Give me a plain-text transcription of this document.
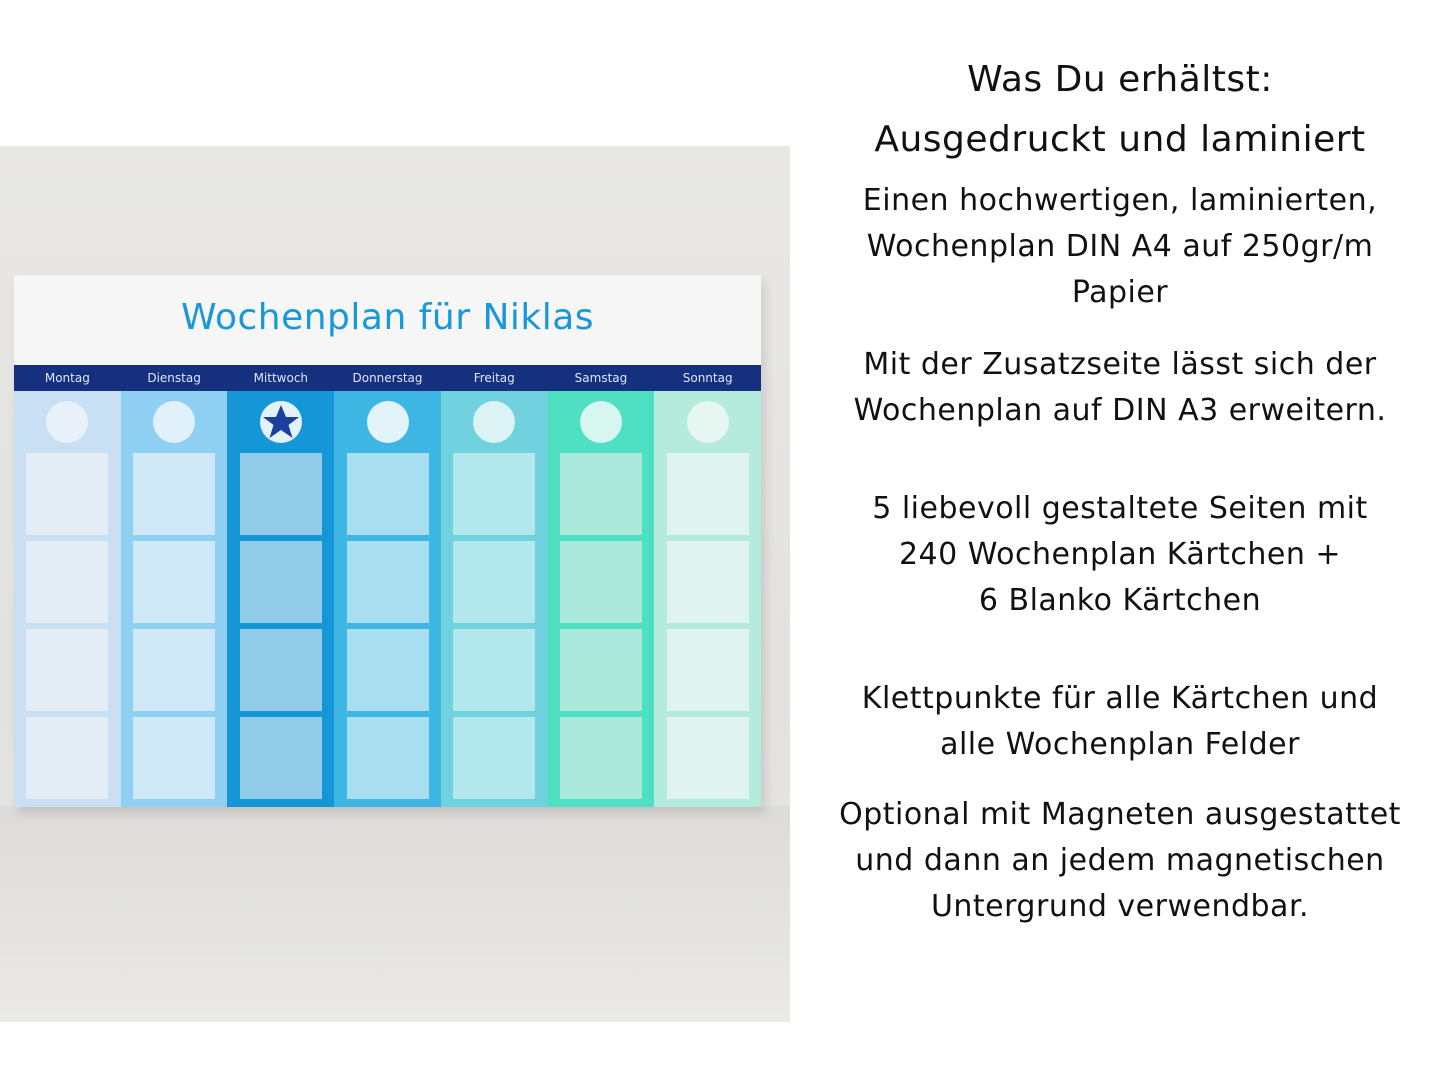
Wochenplan für Niklas
Montag	Dienstag	Mittwoch	Donnerstag	Freitag	Samstag	Sonntag
Was Du erhältst:
Ausgedruckt und laminiert
Einen hochwertigen, laminierten,
Wochenplan DIN A4 auf 250gr/m
Papier
Mit der Zusatzseite lässt sich der
Wochenplan auf DIN A3 erweitern.
5 liebevoll gestaltete Seiten mit
240 Wochenplan Kärtchen +
6 Blanko Kärtchen
Klettpunkte für alle Kärtchen und
alle Wochenplan Felder
Optional mit Magneten ausgestattet
und dann an jedem magnetischen
Untergrund verwendbar.
